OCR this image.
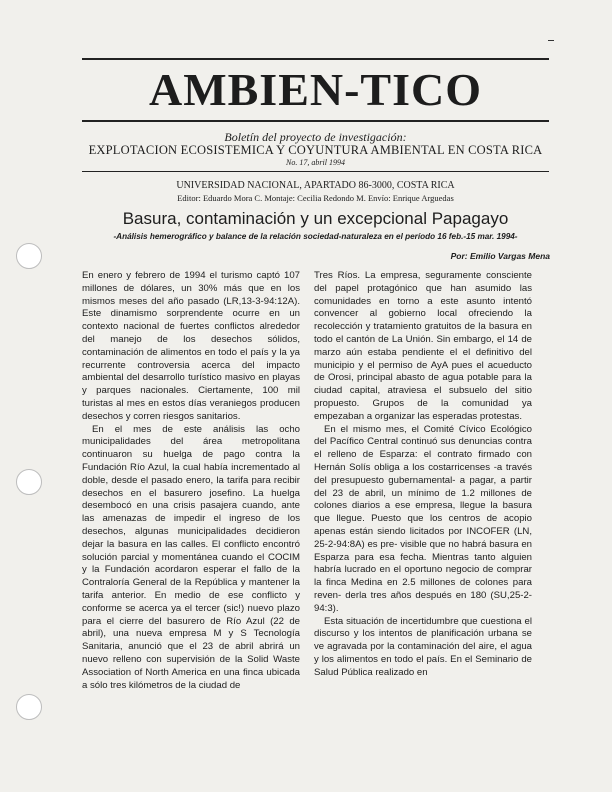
AMBIEN-TICO
Boletín del proyecto de investigación:
EXPLOTACION ECOSISTEMICA Y COYUNTURA AMBIENTAL EN COSTA RICA
No. 17, abril 1994
UNIVERSIDAD NACIONAL, APARTADO 86-3000, COSTA RICA
Editor: Eduardo Mora C. Montaje: Cecilia Redondo M. Envío: Enrique Arguedas
Basura, contaminación y un excepcional Papagayo
-Análisis hemerográfico y balance de la relación sociedad-naturaleza en el período 16 feb.-15 mar. 1994-
Por: Emilio Vargas Mena

En enero y febrero de 1994 el turismo captó 107 millones de dólares, un 30% más que en los mismos meses del año pasado (LR,13-3-94:12A). Este dinamismo sorprendente ocurre en un contexto nacional de fuertes conflictos alrededor del manejo de los desechos sólidos, contaminación de alimentos en todo el país y la ya recurrente controversia acerca del impacto ambiental del desarrollo turístico masivo en playas y parques nacionales. Ciertamente, 100 mil turistas al mes en estos días veraniegos producen desechos y corren riesgos sanitarios.

En el mes de este análisis las ocho municipalidades del área metropolitana continuaron su huelga de pago contra la Fundación Río Azul, la cual había incrementado al doble, desde el pasado enero, la tarifa para recibir desechos en el basurero josefino. La huelga desembocó en una crisis pasajera cuando, ante las amenazas de impedir el ingreso de los desechos, algunas municipalidades decidieron dejar la basura en las calles. El conflicto encontró solución parcial y momentánea cuando el COCIM y la Fundación acordaron esperar el fallo de la Contraloría General de la República y mantener la tarifa anterior. En medio de ese conflicto y conforme se acerca ya el tercer (sic!) nuevo plazo para el cierre del basurero de Río Azul (22 de abril), una nueva empresa M y S Tecnología Sanitaria, anunció que el 23 de abril abrirá un nuevo relleno con supervisión de la Solid Waste Association of North America en una finca ubicada a sólo tres kilómetros de la ciudad de

Tres Ríos. La empresa, seguramente consciente del papel protagónico que han asumido las comunidades en torno a este asunto intentó convencer al gobierno local ofreciendo la recolección y tratamiento gratuitos de la basura en todo el cantón de La Unión. Sin embargo, el 14 de marzo aún estaba pendiente el el definitivo del municipio y el permiso de AyA pues el acueducto de Orosi, principal abasto de agua potable para la ciudad capital, atraviesa el subsuelo del sitio propuesto. Grupos de la comunidad ya empezaban a organizar las esperadas protestas.

En el mismo mes, el Comité Cívico Ecológico del Pacífico Central continuó sus denuncias contra el relleno de Esparza: el contrato firmado con Hernán Solís obliga a los costarricenses -a través del presupuesto gubernamental- a pagar, a partir del 23 de abril, un mínimo de 1.2 millones de colones diarios a ese empresa, llegue la basura que llegue. Puesto que los centros de acopio apenas están siendo licitados por INCOFER (LN, 25-2-94:8A) es pre- visible que no habrá basura en Esparza para esa fecha. Mientras tanto alguien habría lucrado en el oportuno negocio de comprar la finca Medina en 2.5 millones de colones para reven- derla tres años después en 180 (SU,25-2-94:3).

Esta situación de incertidumbre que cuestiona el discurso y los intentos de planificación urbana se ve agravada por la contaminación del aire, el agua y los alimentos en todo el país. En el Seminario de Salud Pública realizado en
